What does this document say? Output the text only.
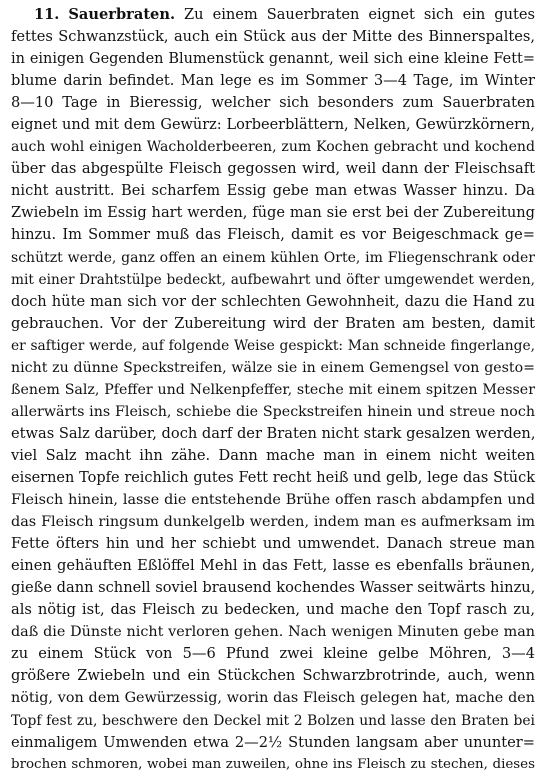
11. Sauerbraten. Zu einem Sauerbraten eignet sich ein gutes
fettes Schwanzstück, auch ein Stück aus der Mitte des Binnerspaltes,
in einigen Gegenden Blumenstück genannt, weil sich eine kleine Fett=
blume darin befindet. Man lege es im Sommer 3—4 Tage, im Winter
8—10 Tage in Bieressig, welcher sich besonders zum Sauerbraten
eignet und mit dem Gewürz: Lorbeerblättern, Nelken, Gewürzkörnern,
auch wohl einigen Wacholderbeeren, zum Kochen gebracht und kochend
über das abgespülte Fleisch gegossen wird, weil dann der Fleischsaft
nicht austritt. Bei scharfem Essig gebe man etwas Wasser hinzu. Da
Zwiebeln im Essig hart werden, füge man sie erst bei der Zubereitung
hinzu. Im Sommer muß das Fleisch, damit es vor Beigeschmack ge=
schützt werde, ganz offen an einem kühlen Orte, im Fliegenschrank oder
mit einer Drahtstülpe bedeckt, aufbewahrt und öfter umgewendet werden,
doch hüte man sich vor der schlechten Gewohnheit, dazu die Hand zu
gebrauchen. Vor der Zubereitung wird der Braten am besten, damit
er saftiger werde, auf folgende Weise gespickt: Man schneide fingerlange,
nicht zu dünne Speckstreifen, wälze sie in einem Gemengsel von gesto=
ßenem Salz, Pfeffer und Nelkenpfeffer, steche mit einem spitzen Messer
allerwärts ins Fleisch, schiebe die Speckstreifen hinein und streue noch
etwas Salz darüber, doch darf der Braten nicht stark gesalzen werden,
viel Salz macht ihn zähe. Dann mache man in einem nicht weiten
eisernen Topfe reichlich gutes Fett recht heiß und gelb, lege das Stück
Fleisch hinein, lasse die entstehende Brühe offen rasch abdampfen und
das Fleisch ringsum dunkelgelb werden, indem man es aufmerksam im
Fette öfters hin und her schiebt und umwendet. Danach streue man
einen gehäuften Eßlöffel Mehl in das Fett, lasse es ebenfalls bräunen,
gieße dann schnell soviel brausend kochendes Wasser seitwärts hinzu,
als nötig ist, das Fleisch zu bedecken, und mache den Topf rasch zu,
daß die Dünste nicht verloren gehen. Nach wenigen Minuten gebe man
zu einem Stück von 5—6 Pfund zwei kleine gelbe Möhren, 3—4
größere Zwiebeln und ein Stückchen Schwarzbrotrinde, auch, wenn
nötig, von dem Gewürzessig, worin das Fleisch gelegen hat, mache den
Topf fest zu, beschwere den Deckel mit 2 Bolzen und lasse den Braten bei
einmaligem Umwenden etwa 2—2½ Stunden langsam aber ununter=
brochen schmoren, wobei man zuweilen, ohne ins Fleisch zu stechen, dieses
